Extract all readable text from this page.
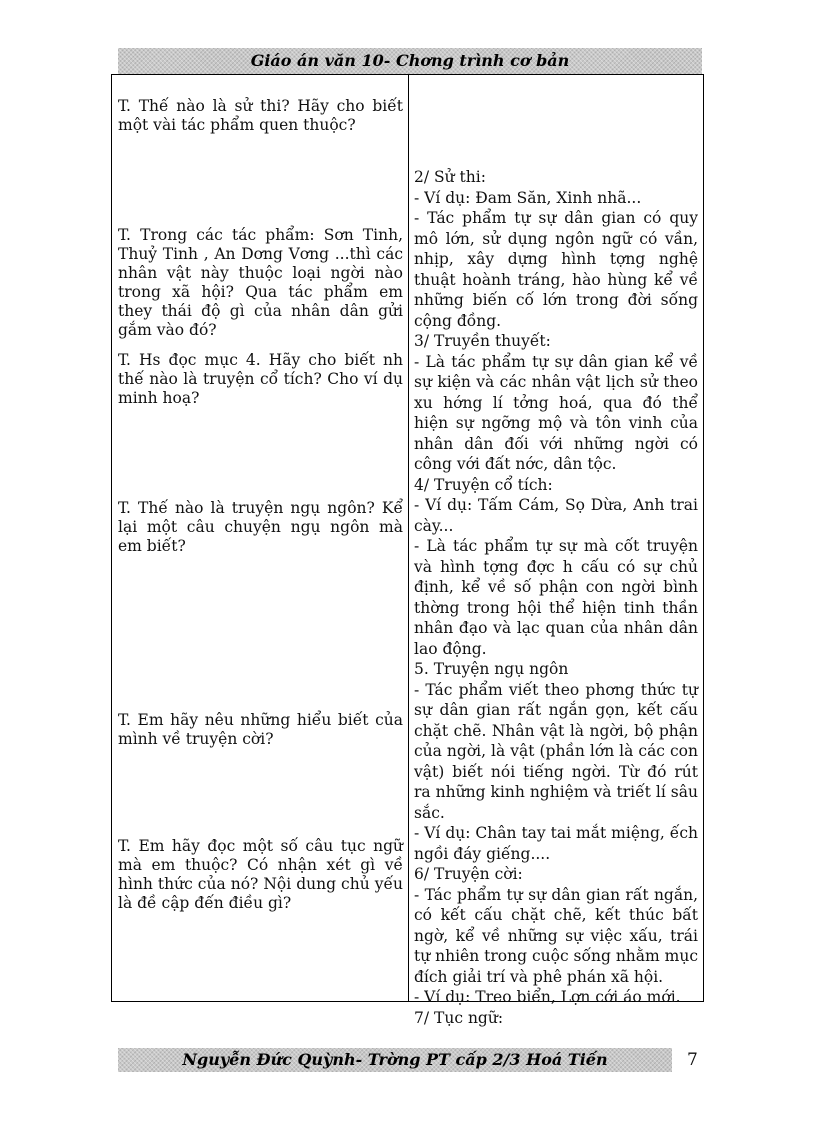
Giáo án văn 10- Chơng trình cơ bản
T. Thế nào là sử thi? Hãy cho biết một vài tác phẩm quen thuộc?
T. Trong các tác phẩm: Sơn Tinh, Thuỷ Tinh , An Dơng Vơng ...thì các nhân vật này thuộc loại ngời nào trong xã hội? Qua tác phẩm em they thái độ gì của nhân dân gửi gắm vào đó?
T. Hs đọc mục 4. Hãy cho biết nh thế nào là truyện cổ tích? Cho ví dụ minh hoạ?
T. Thế nào là truyện ngụ ngôn? Kể lại một câu chuyện ngụ ngôn mà em biết?
T. Em hãy nêu những hiểu biết của mình về truyện cời?
T. Em hãy đọc một số câu tục ngữ mà em thuộc? Có nhận xét gì về hình thức của nó? Nội dung chủ yếu là đề cập đến điều gì?
2/ Sử thi:
- Ví dụ: Đam Săn, Xinh nhã...
- Tác phẩm tự sự dân gian có quy mô lớn, sử dụng ngôn ngữ có vần, nhịp, xây dựng hình tợng nghệ thuật hoành tráng, hào hùng kể về những biến cố lớn trong đời sống cộng đồng.
3/ Truyền thuyết:
- Là tác phẩm tự sự dân gian kể về sự kiện và các nhân vật lịch sử theo xu hớng lí tởng hoá, qua đó thể hiện sự ngỡng mộ và tôn vinh của nhân dân đối với những ngời có công với đất nớc, dân tộc.
4/ Truyện cổ tích:
- Ví dụ: Tấm Cám, Sọ Dừa, Anh trai cày...
- Là tác phẩm tự sự mà cốt truyện và hình tợng đợc h cấu có sự chủ định, kể về số phận con ngời bình thờng trong hội thể hiện tinh thần nhân đạo và lạc quan của nhân dân lao động.
5. Truyện ngụ ngôn
- Tác phẩm viết theo phơng thức tự sự dân gian rất ngắn gọn, kết cấu chặt chẽ. Nhân vật là ngời, bộ phận của ngời, là vật (phần lớn là các con vật) biết nói tiếng ngời. Từ đó rút ra những kinh nghiệm và triết lí sâu sắc.
- Ví dụ: Chân tay tai mắt miệng, ếch ngồi đáy giếng....
6/ Truyện cời:
- Tác phẩm tự sự dân gian rất ngắn, có kết cấu chặt chẽ, kết thúc bất ngờ, kể về những sự việc xấu, trái tự nhiên trong cuộc sống nhằm mục đích giải trí và phê phán xã hội.
- Ví dụ: Treo biển, Lợn cới áo mới.
7/ Tục ngữ:
Nguyễn Đức Quỳnh- Trờng PT cấp 2/3 Hoá Tiến	7
